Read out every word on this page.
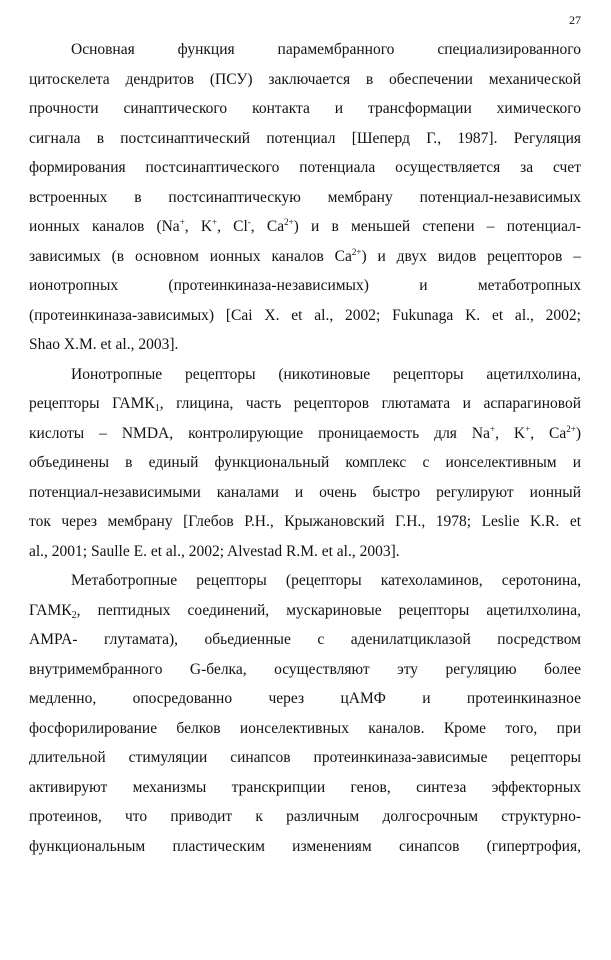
27
Основная функция парамембранного специализированного
цитоскелета дендритов (ПСУ) заключается в обеспечении механической
прочности синаптического контакта и трансформации химического
сигнала в постсинаптический потенциал [Шеперд Г., 1987]. Регуляция
формирования постсинаптического потенциала осуществляется за счет
встроенных в постсинаптическую мембрану потенциал-независимых
ионных каналов (Na+, K+, Cl-, $Ca^{2+}$) и в меньшей степени – потенциал-
зависимых (в основном ионных каналов $Ca^{2+}$) и двух видов рецепторов –
ионотропных (протеинкиназа-независимых) и метаботропных
(протеинкиназа-зависимых) [Cai X. et al., 2002; Fukunaga K. et al., 2002;
Shao X.M. et al., 2003].
Ионотропные рецепторы (никотиновые рецепторы ацетилхолина,
рецепторы $ГАМК_1$, глицина, часть рецепторов глютамата и аспарагиновой
кислоты – NMDA, контролирующие проницаемость для Na+, K+, $Ca^{2+}$)
объединены в единый функциональный комплекс с ионселективным и
потенциал-независимыми каналами и очень быстро регулируют ионный
ток через мембрану [Глебов Р.Н., Крыжановский Г.Н., 1978; Leslie K.R. et
al., 2001; Saulle E. et al., 2002; Alvestad R.M. et al., 2003].
Метаботропные рецепторы (рецепторы катехоламинов, серотонина,
$ГАМК_2$, пептидных соединений, мускариновые рецепторы ацетилхолина,
AMPA- глутамата), обьедиенные с аденилатциклазой посредством
внутримембранного G-белка, осуществляют эту регуляцию более
медленно, опосредованно через цАМФ и протеинкиназное
фосфорилирование белков ионселективных каналов. Кроме того, при
длительной стимуляции синапсов протеинкиназа-зависимые рецепторы
активируют механизмы транскрипции генов, синтеза эффекторных
протеинов, что приводит к различным долгосрочным структурно-
функциональным пластическим изменениям синапсов (гипертрофия,
